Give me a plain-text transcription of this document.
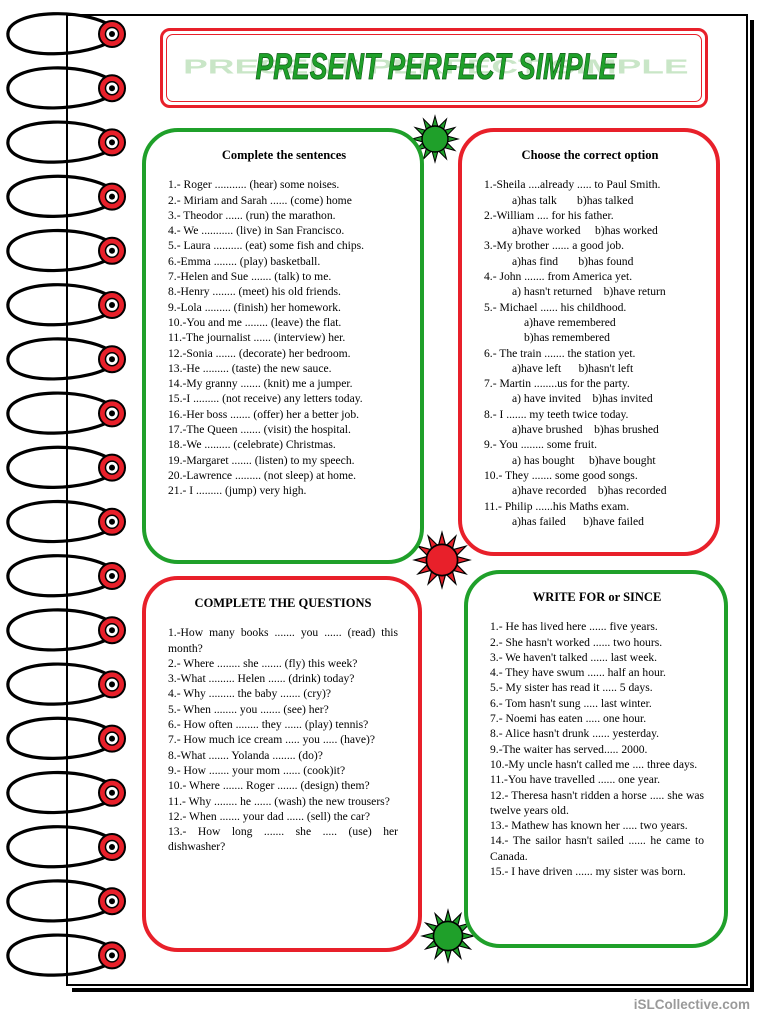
PRESENT PERFECT SIMPLE
PRESENT PERFECT SIMPLE
Complete the sentences
1.- Roger ........... (hear) some noises.
2.- Miriam and Sarah ...... (come) home
3.- Theodor ...... (run) the marathon.
4.- We ........... (live) in San Francisco.
5.- Laura .......... (eat) some fish and chips.
6.-Emma ........ (play) basketball.
7.-Helen and Sue ....... (talk) to me.
8.-Henry ........ (meet) his old friends.
9.-Lola ......... (finish) her homework.
10.-You and me ........ (leave) the flat.
11.-The journalist ...... (interview) her.
12.-Sonia ....... (decorate) her bedroom.
13.-He ......... (taste) the new sauce.
14.-My granny ....... (knit) me a jumper.
15.-I ......... (not receive) any letters today.
16.-Her boss ....... (offer) her a better job.
17.-The Queen ....... (visit) the hospital.
18.-We ......... (celebrate) Christmas.
19.-Margaret ....... (listen) to my speech.
20.-Lawrence ......... (not sleep) at home.
21.- I ......... (jump) very high.
Choose the correct option
1.-Sheila ....already ..... to Paul Smith.
a)has talk       b)has talked
2.-William .... for his father.
a)have worked     b)has worked
3.-My brother ...... a good job.
a)has find       b)has found
4.- John ....... from America yet.
a) hasn't returned    b)have return
5.- Michael ...... his childhood.
a)have remembered
b)has remembered
6.- The train ....... the station yet.
a)have left      b)hasn't left
7.- Martin ........us for the party.
a) have invited    b)has invited
8.- I ....... my teeth twice today.
a)have brushed    b)has brushed
9.- You ........ some fruit.
a) has bought     b)have bought
10.- They ....... some good songs.
a)have recorded    b)has recorded
11.- Philip ......his Maths exam.
a)has failed      b)have failed
COMPLETE THE QUESTIONS
1.-How many books ....... you ...... (read) this month?
2.- Where ........ she ....... (fly) this week?
3.-What ......... Helen ...... (drink) today?
4.- Why ......... the baby ....... (cry)?
5.- When ........ you ....... (see) her?
6.- How often ........ they ...... (play) tennis?
7.- How much ice cream ..... you ..... (have)?
8.-What ....... Yolanda ........ (do)?
9.- How ....... your mom ...... (cook)it?
10.- Where ....... Roger ....... (design) them?
11.- Why ........ he ...... (wash) the new trousers?
12.- When ....... your dad ...... (sell) the car?
13.- How long ....... she ..... (use) her dishwasher?
WRITE FOR or SINCE
1.- He has lived here ...... five years.
2.- She hasn't worked ...... two hours.
3.- We haven't talked ...... last week.
4.- They have swum ...... half an hour.
5.- My sister has read it ..... 5 days.
6.- Tom hasn't sung ..... last winter.
7.- Noemi has eaten ..... one hour.
8.- Alice hasn't drunk ...... yesterday.
9.-The waiter has served..... 2000.
10.-My uncle hasn't called me .... three days.
11.-You have travelled ...... one year.
12.- Theresa hasn't ridden a horse ..... she was twelve years old.
13.- Mathew has known her ..... two years.
14.- The sailor hasn't sailed ...... he came to Canada.
15.- I have driven ...... my sister was born.
iSLCollective.com
